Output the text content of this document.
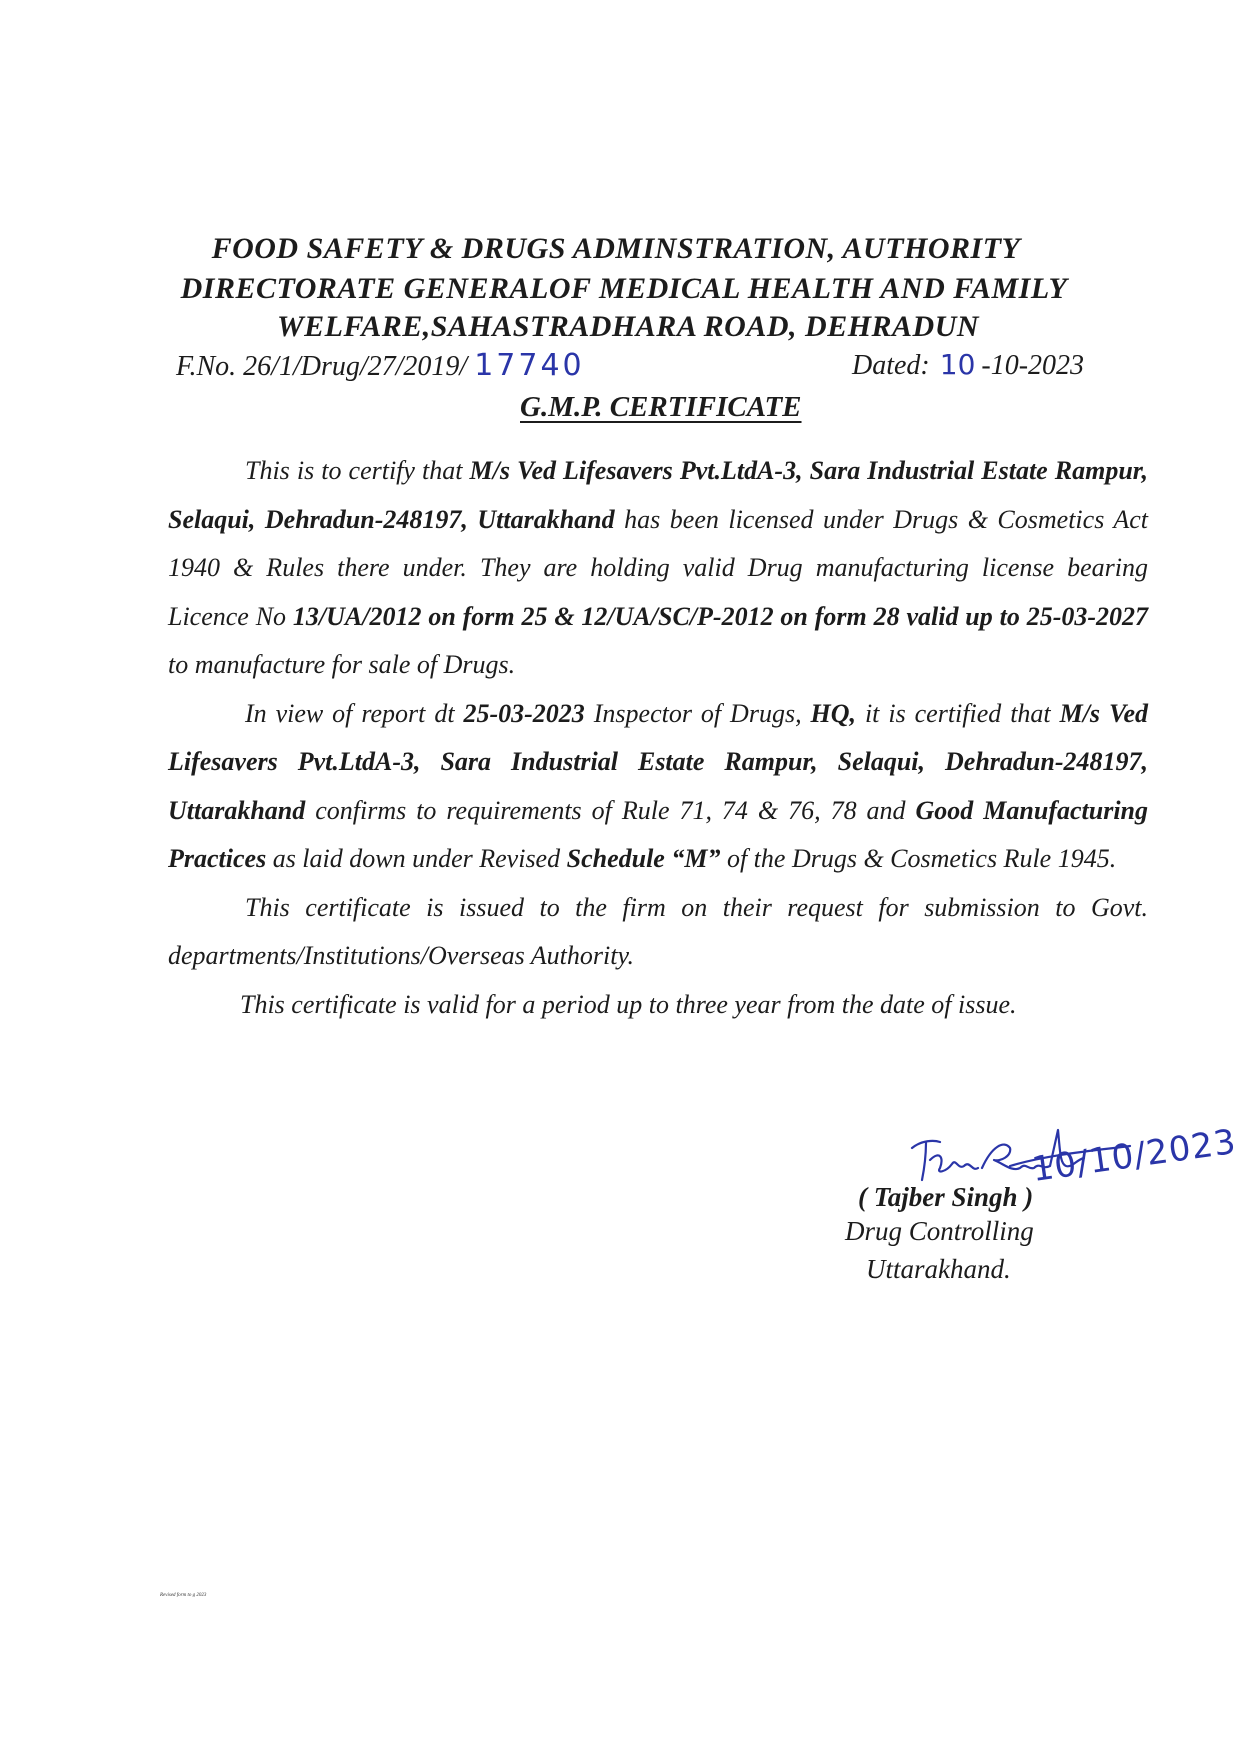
FOOD SAFETY & DRUGS ADMINSTRATION, AUTHORITY
DIRECTORATE GENERALOF MEDICAL HEALTH AND FAMILY
WELFARE,SAHASTRADHARA ROAD, DEHRADUN
F.No. 26/1/Drug/27/2019/ 17740	Dated: 10 -10-2023
G.M.P. CERTIFICATE

This is to certify that M/s Ved Lifesavers Pvt.LtdA-3, Sara Industrial Estate Rampur, Selaqui, Dehradun-248197, Uttarakhand has been licensed under Drugs & Cosmetics Act 1940 & Rules there under. They are holding valid Drug manufacturing license bearing Licence No 13/UA/2012 on form 25 & 12/UA/SC/P-2012 on form 28 valid up to 25-03-2027 to manufacture for sale of Drugs.

In view of report dt 25-03-2023 Inspector of Drugs, HQ, it is certified that M/s Ved Lifesavers Pvt.LtdA-3, Sara Industrial Estate Rampur, Selaqui, Dehradun-248197, Uttarakhand confirms to requirements of Rule 71, 74 & 76, 78 and Good Manufacturing Practices as laid down under Revised Schedule “M” of the Drugs & Cosmetics Rule 1945.

This certificate is issued to the firm on their request for submission to Govt. departments/Institutions/Overseas Authority.

This certificate is valid for a period up to three year from the date of issue.

10/10/2023
( Tajber Singh )
Drug Controlling
Uttarakhand.
Revised form to g 2023
